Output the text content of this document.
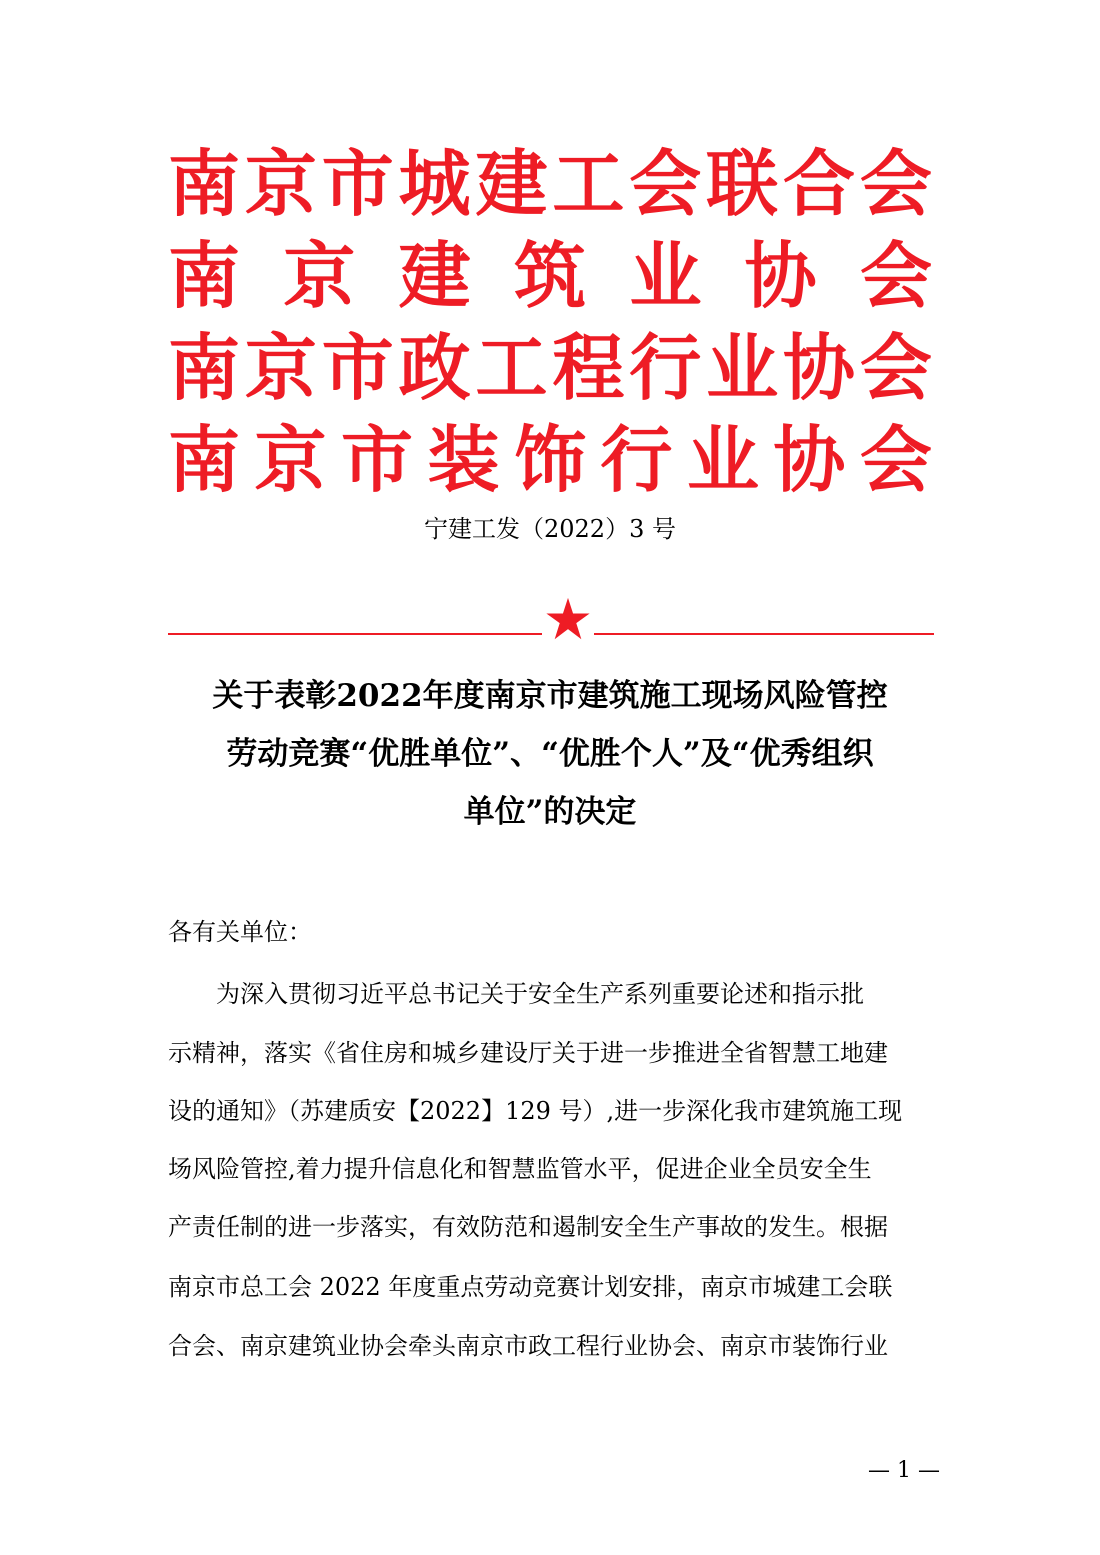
南 京 市 城 建 工 会 联 合 会
南 京 建 筑 业 协 会
南 京 市 政 工 程 行 业 协 会
南 京 市 装 饰 行 业 协 会
宁建工发（2022）3 号
关于表彰2022年度南京市建筑施工现场风险管控
劳动竞赛“优胜单位”、“优胜个人”及“优秀组织
单位”的决定
各有关单位：
为深入贯彻习近平总书记关于安全生产系列重要论述和指示批
示精神，落实《省住房和城乡建设厅关于进一步推进全省智慧工地建
设的通知》（苏建质安【2022】129 号）,进一步深化我市建筑施工现
场风险管控,着力提升信息化和智慧监管水平，促进企业全员安全生
产责任制的进一步落实，有效防范和遏制安全生产事故的发生。根据
南京市总工会 2022 年度重点劳动竞赛计划安排，南京市城建工会联
合会、南京建筑业协会牵头南京市政工程行业协会、南京市装饰行业
— 1 —
